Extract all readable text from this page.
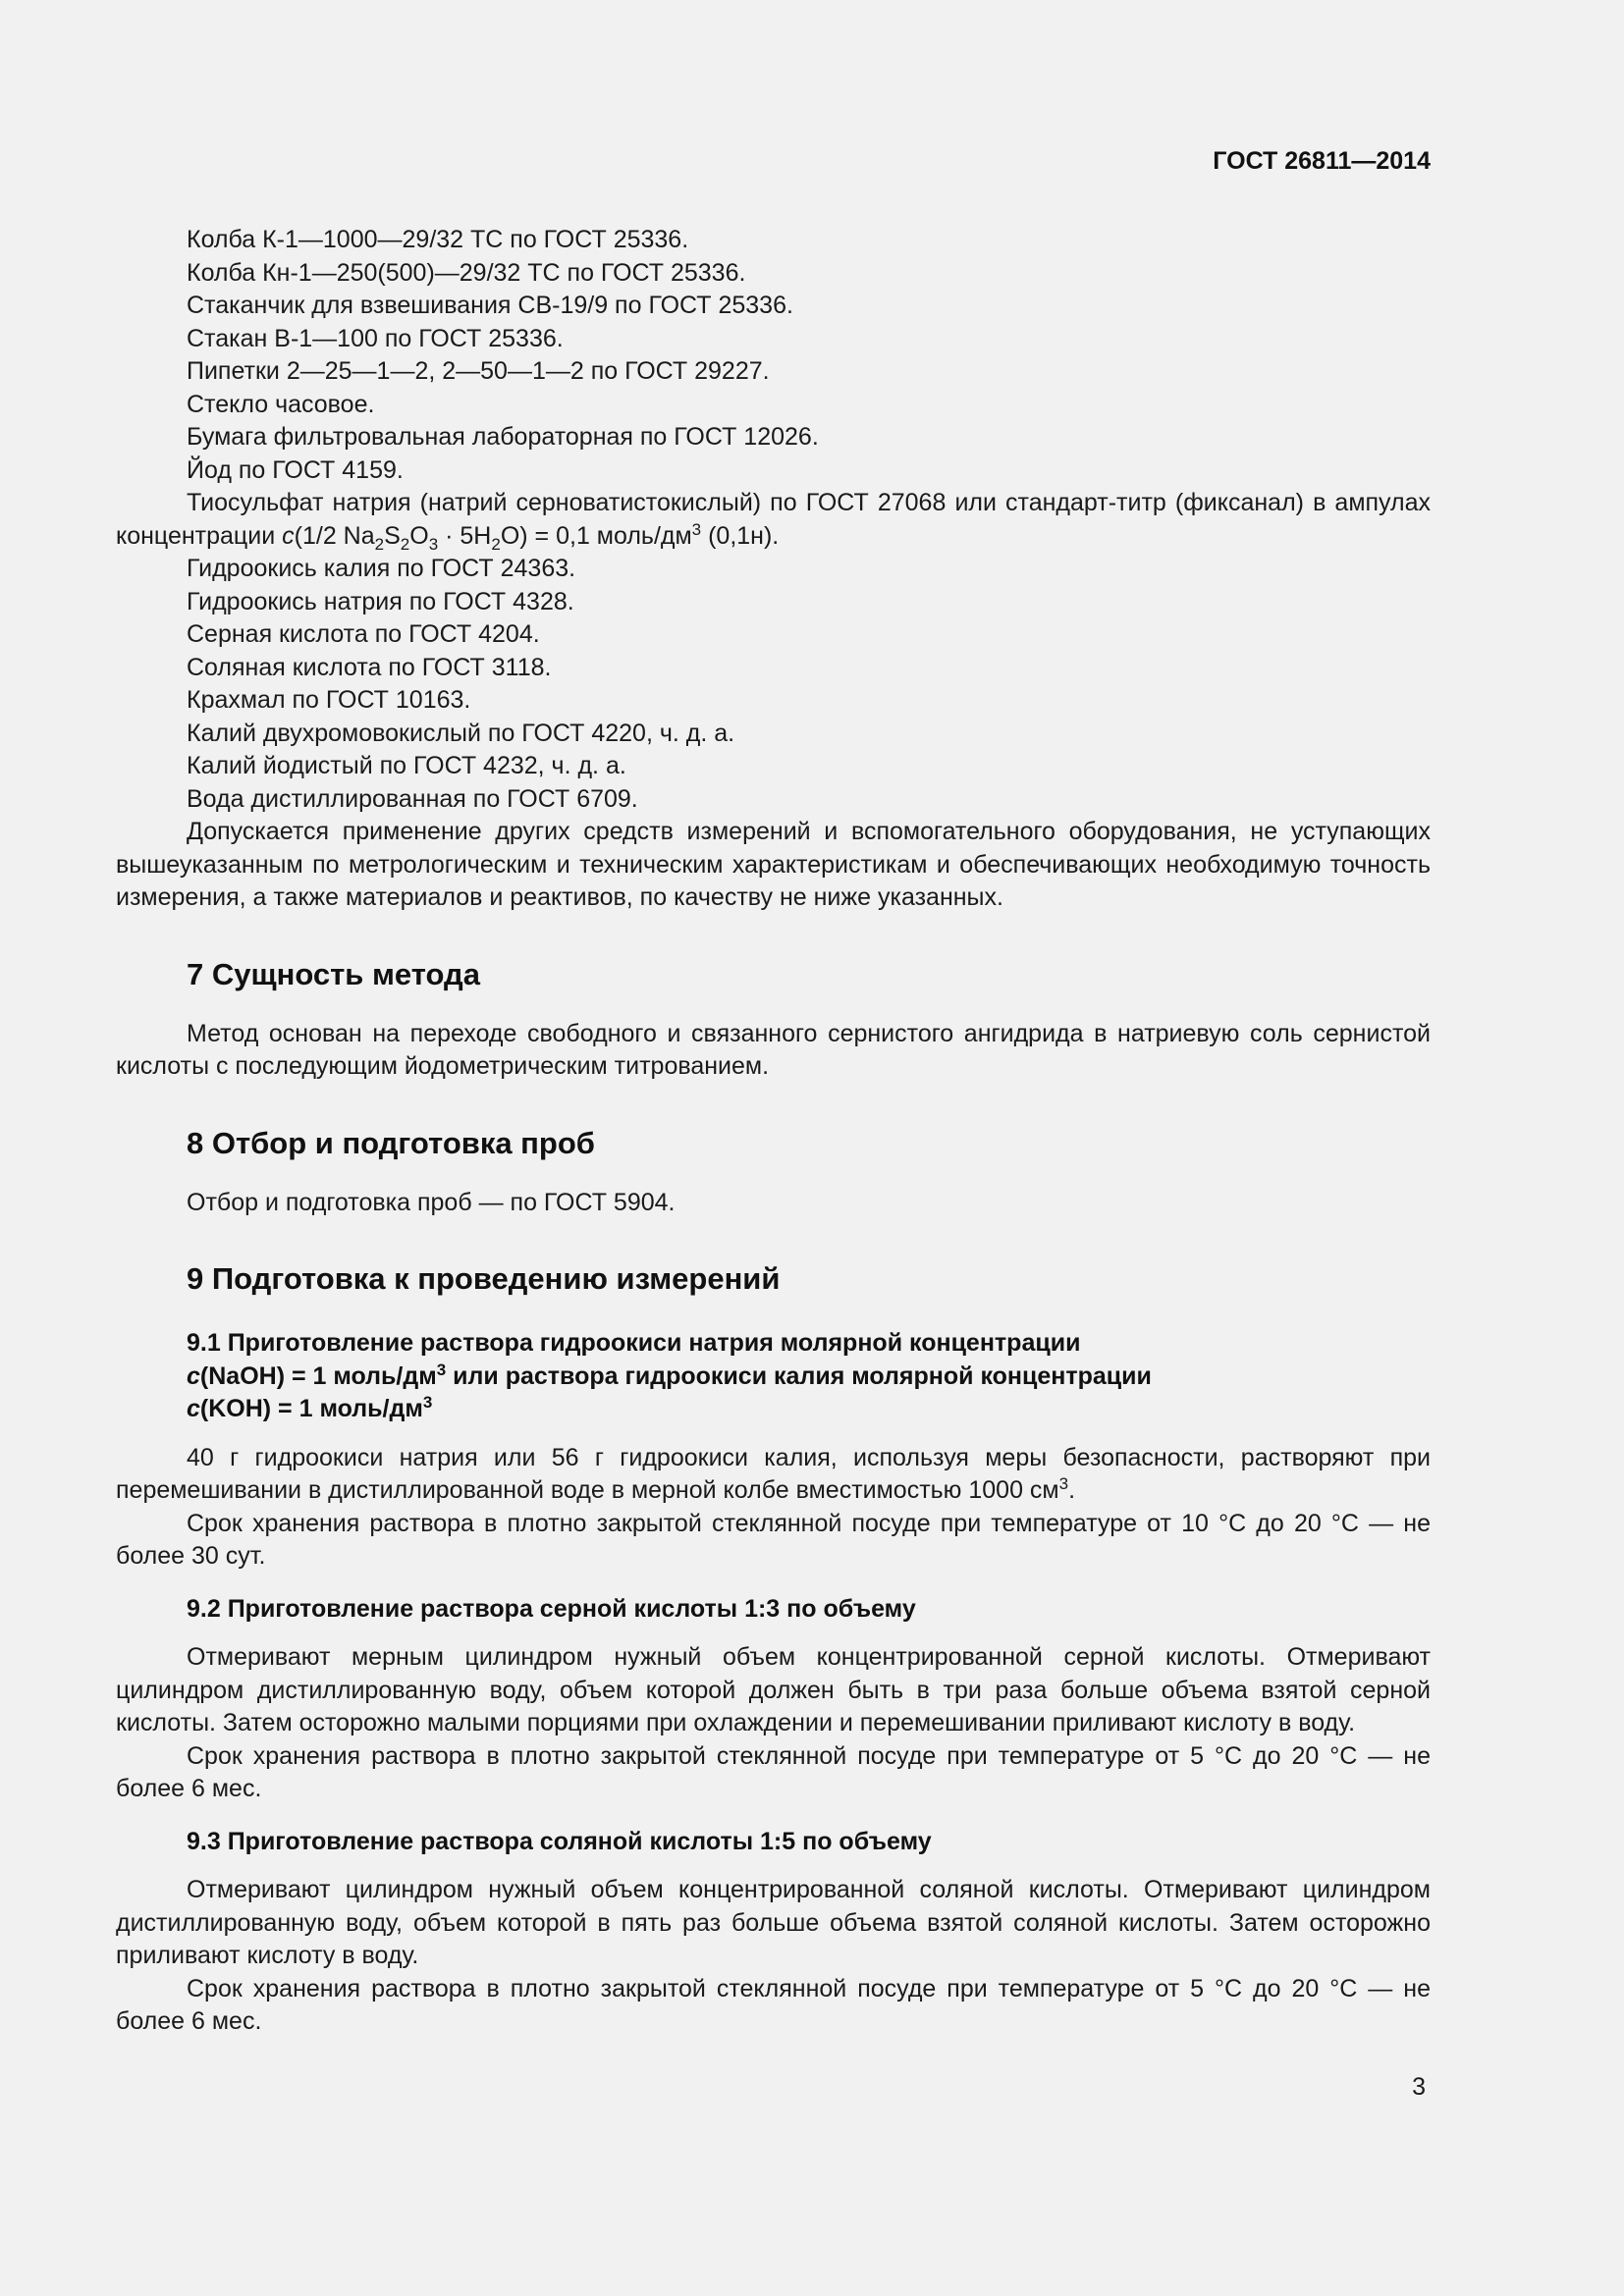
ГОСТ 26811—2014

Колба К-1—1000—29/32 ТС по ГОСТ 25336.

Колба Кн-1—250(500)—29/32 ТС по ГОСТ 25336.

Стаканчик для взвешивания СВ-19/9 по ГОСТ 25336.

Стакан В-1—100 по ГОСТ 25336.

Пипетки 2—25—1—2, 2—50—1—2 по ГОСТ 29227.

Стекло часовое.

Бумага фильтровальная лабораторная по ГОСТ 12026.

Йод по ГОСТ 4159.

Тиосульфат натрия (натрий серноватистокислый) по ГОСТ 27068 или стандарт-титр (фиксанал) в ампулах концентрации c(1/2 $Na_2S_2O_3 \cdot 5H_2O) = 0,1$ моль/$дм^3$ (0,1н).

Гидроокись калия по ГОСТ 24363.

Гидроокись натрия по ГОСТ 4328.

Серная кислота по ГОСТ 4204.

Соляная кислота по ГОСТ 3118.

Крахмал по ГОСТ 10163.

Калий двухромовокислый по ГОСТ 4220, ч. д. а.

Калий йодистый по ГОСТ 4232, ч. д. а.

Вода дистиллированная по ГОСТ 6709.

Допускается применение других средств измерений и вспомогательного оборудования, не уступающих вышеуказанным по метрологическим и техническим характеристикам и обеспечивающих необходимую точность измерения, а также материалов и реактивов, по качеству не ниже указанных.

7 Сущность метода

Метод основан на переходе свободного и связанного сернистого ангидрида в натриевую соль сернистой кислоты с последующим йодометрическим титрованием.

8 Отбор и подготовка проб

Отбор и подготовка проб — по ГОСТ 5904.

9 Подготовка к проведению измерений
9.1 Приготовление раствора гидроокиси натрия молярной концентрации
c(NaOH) = 1 моль/$дм^3$ или раствора гидроокиси калия молярной концентрации
c(KOH) = 1 моль/$дм^3$

40 г гидроокиси натрия или 56 г гидроокиси калия, используя меры безопасности, растворяют при перемешивании в дистиллированной воде в мерной колбе вместимостью 1000 $см^3$.

Срок хранения раствора в плотно закрытой стеклянной посуде при температуре от 10 °С до 20 °С — не более 30 сут.

9.2 Приготовление раствора серной кислоты 1:3 по объему

Отмеривают мерным цилиндром нужный объем концентрированной серной кислоты. Отмеривают цилиндром дистиллированную воду, объем которой должен быть в три раза больше объема взятой серной кислоты. Затем осторожно малыми порциями при охлаждении и перемешивании приливают кислоту в воду.

Срок хранения раствора в плотно закрытой стеклянной посуде при температуре от 5 °С до 20 °С — не более 6 мес.

9.3 Приготовление раствора соляной кислоты 1:5 по объему

Отмеривают цилиндром нужный объем концентрированной соляной кислоты. Отмеривают цилиндром дистиллированную воду, объем которой в пять раз больше объема взятой соляной кислоты. Затем осторожно приливают кислоту в воду.

Срок хранения раствора в плотно закрытой стеклянной посуде при температуре от 5 °С до 20 °С — не более 6 мес.

3
